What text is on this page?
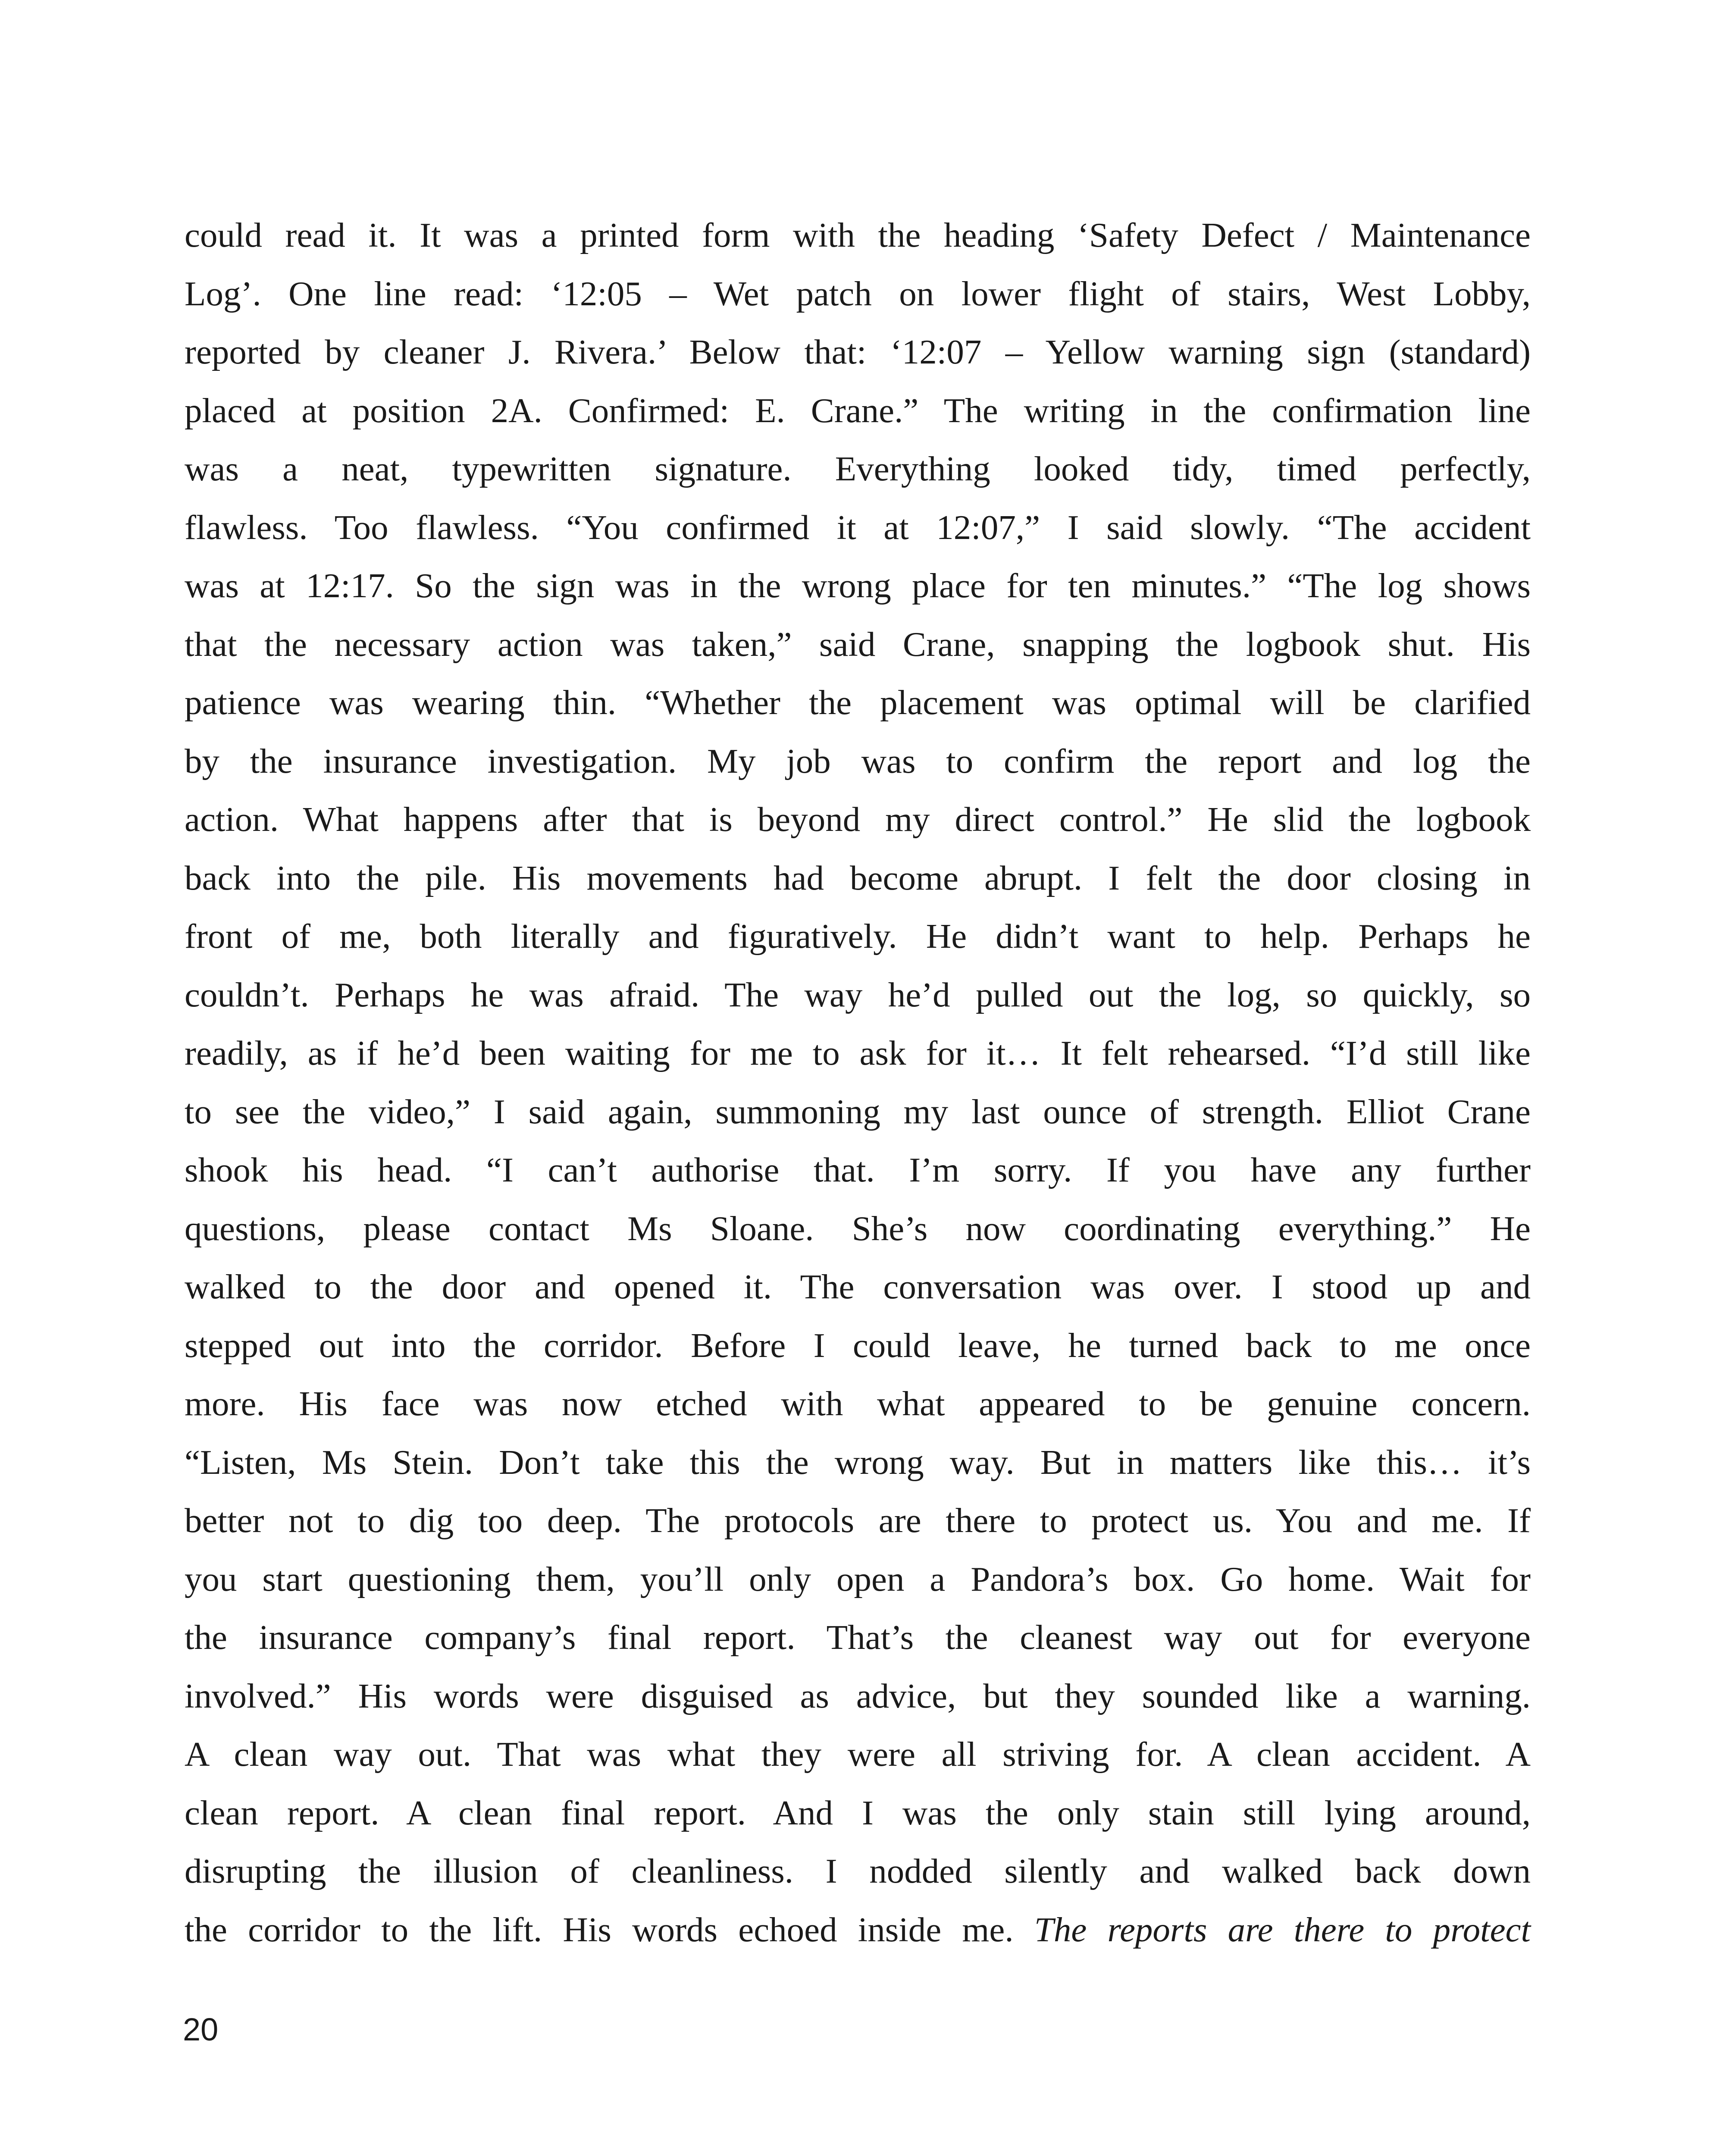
could read it. It was a printed form with the heading ‘Safety Defect / Maintenance
Log’. One line read: ‘12:05 – Wet patch on lower flight of stairs, West Lobby,
reported by cleaner J. Rivera.’ Below that: ‘12:07 – Yellow warning sign (standard)
placed at position 2A. Confirmed: E. Crane.” The writing in the confirmation line
was a neat, typewritten signature. Everything looked tidy, timed perfectly,
flawless. Too flawless. “You confirmed it at 12:07,” I said slowly. “The accident
was at 12:17. So the sign was in the wrong place for ten minutes.” “The log shows
that the necessary action was taken,” said Crane, snapping the logbook shut. His
patience was wearing thin. “Whether the placement was optimal will be clarified
by the insurance investigation. My job was to confirm the report and log the
action. What happens after that is beyond my direct control.” He slid the logbook
back into the pile. His movements had become abrupt. I felt the door closing in
front of me, both literally and figuratively. He didn’t want to help. Perhaps he
couldn’t. Perhaps he was afraid. The way he’d pulled out the log, so quickly, so
readily, as if he’d been waiting for me to ask for it… It felt rehearsed. “I’d still like
to see the video,” I said again, summoning my last ounce of strength. Elliot Crane
shook his head. “I can’t authorise that. I’m sorry. If you have any further
questions, please contact Ms Sloane. She’s now coordinating everything.” He
walked to the door and opened it. The conversation was over. I stood up and
stepped out into the corridor. Before I could leave, he turned back to me once
more. His face was now etched with what appeared to be genuine concern.
“Listen, Ms Stein. Don’t take this the wrong way. But in matters like this… it’s
better not to dig too deep. The protocols are there to protect us. You and me. If
you start questioning them, you’ll only open a Pandora’s box. Go home. Wait for
the insurance company’s final report. That’s the cleanest way out for everyone
involved.” His words were disguised as advice, but they sounded like a warning.
A clean way out. That was what they were all striving for. A clean accident. A
clean report. A clean final report. And I was the only stain still lying around,
disrupting the illusion of cleanliness. I nodded silently and walked back down
the corridor to the lift. His words echoed inside me. The reports are there to protect
20
